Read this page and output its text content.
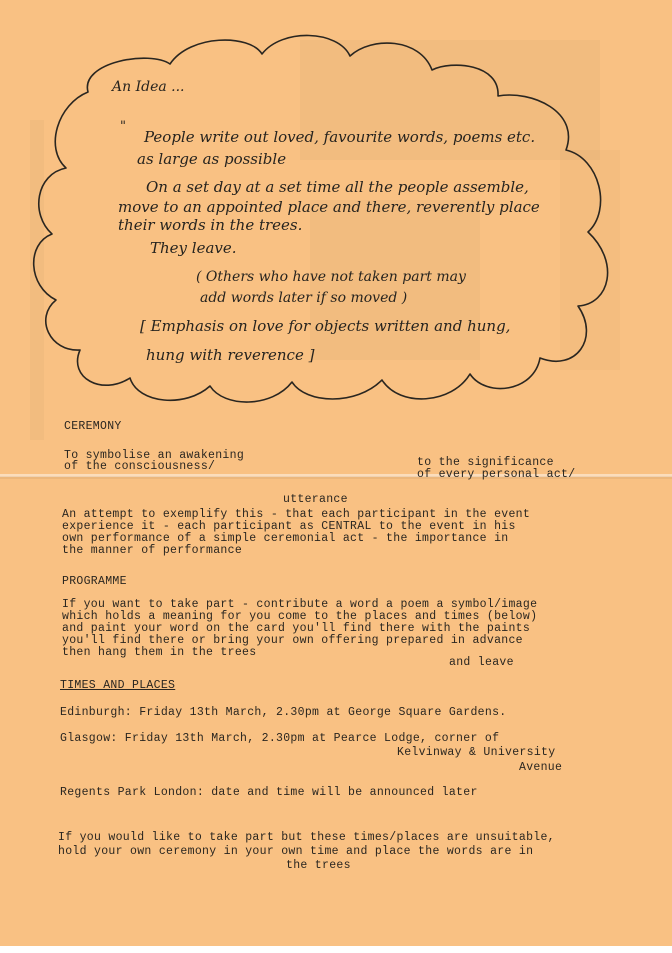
An Idea ...
"
People write out loved, favourite words, poems etc.
as large as possible
On a set day at a set time all the people assemble,
move to an appointed place and there, reverently place
their words in the trees.
They leave.
( Others who have not taken part may
add words later if so moved )
[ Emphasis on love for objects written and hung,
hung with reverence ]
CEREMONY
To symbolise an awakening
of the consciousness/	to the significance
of every personal act/
utterance
An attempt to exemplify this - that each participant in the event
experience it - each participant as CENTRAL to the event in his
own performance of a simple ceremonial act - the importance in
the manner of performance
PROGRAMME
If you want to take part - contribute a word a poem a symbol/image
which holds a meaning for you come to the places and times (below)
and paint your word on the card you'll find there with the paints
you'll find there or bring your own offering prepared in advance
then hang them in the trees
and leave
TIMES AND PLACES
Edinburgh: Friday 13th March, 2.30pm at George Square Gardens.
Glasgow: Friday 13th March, 2.30pm at Pearce Lodge, corner of
Kelvinway & University
Avenue
Regents Park London: date and time will be announced later
If you would like to take part but these times/places are unsuitable,
hold your own ceremony in your own time and place the words are in
the trees
